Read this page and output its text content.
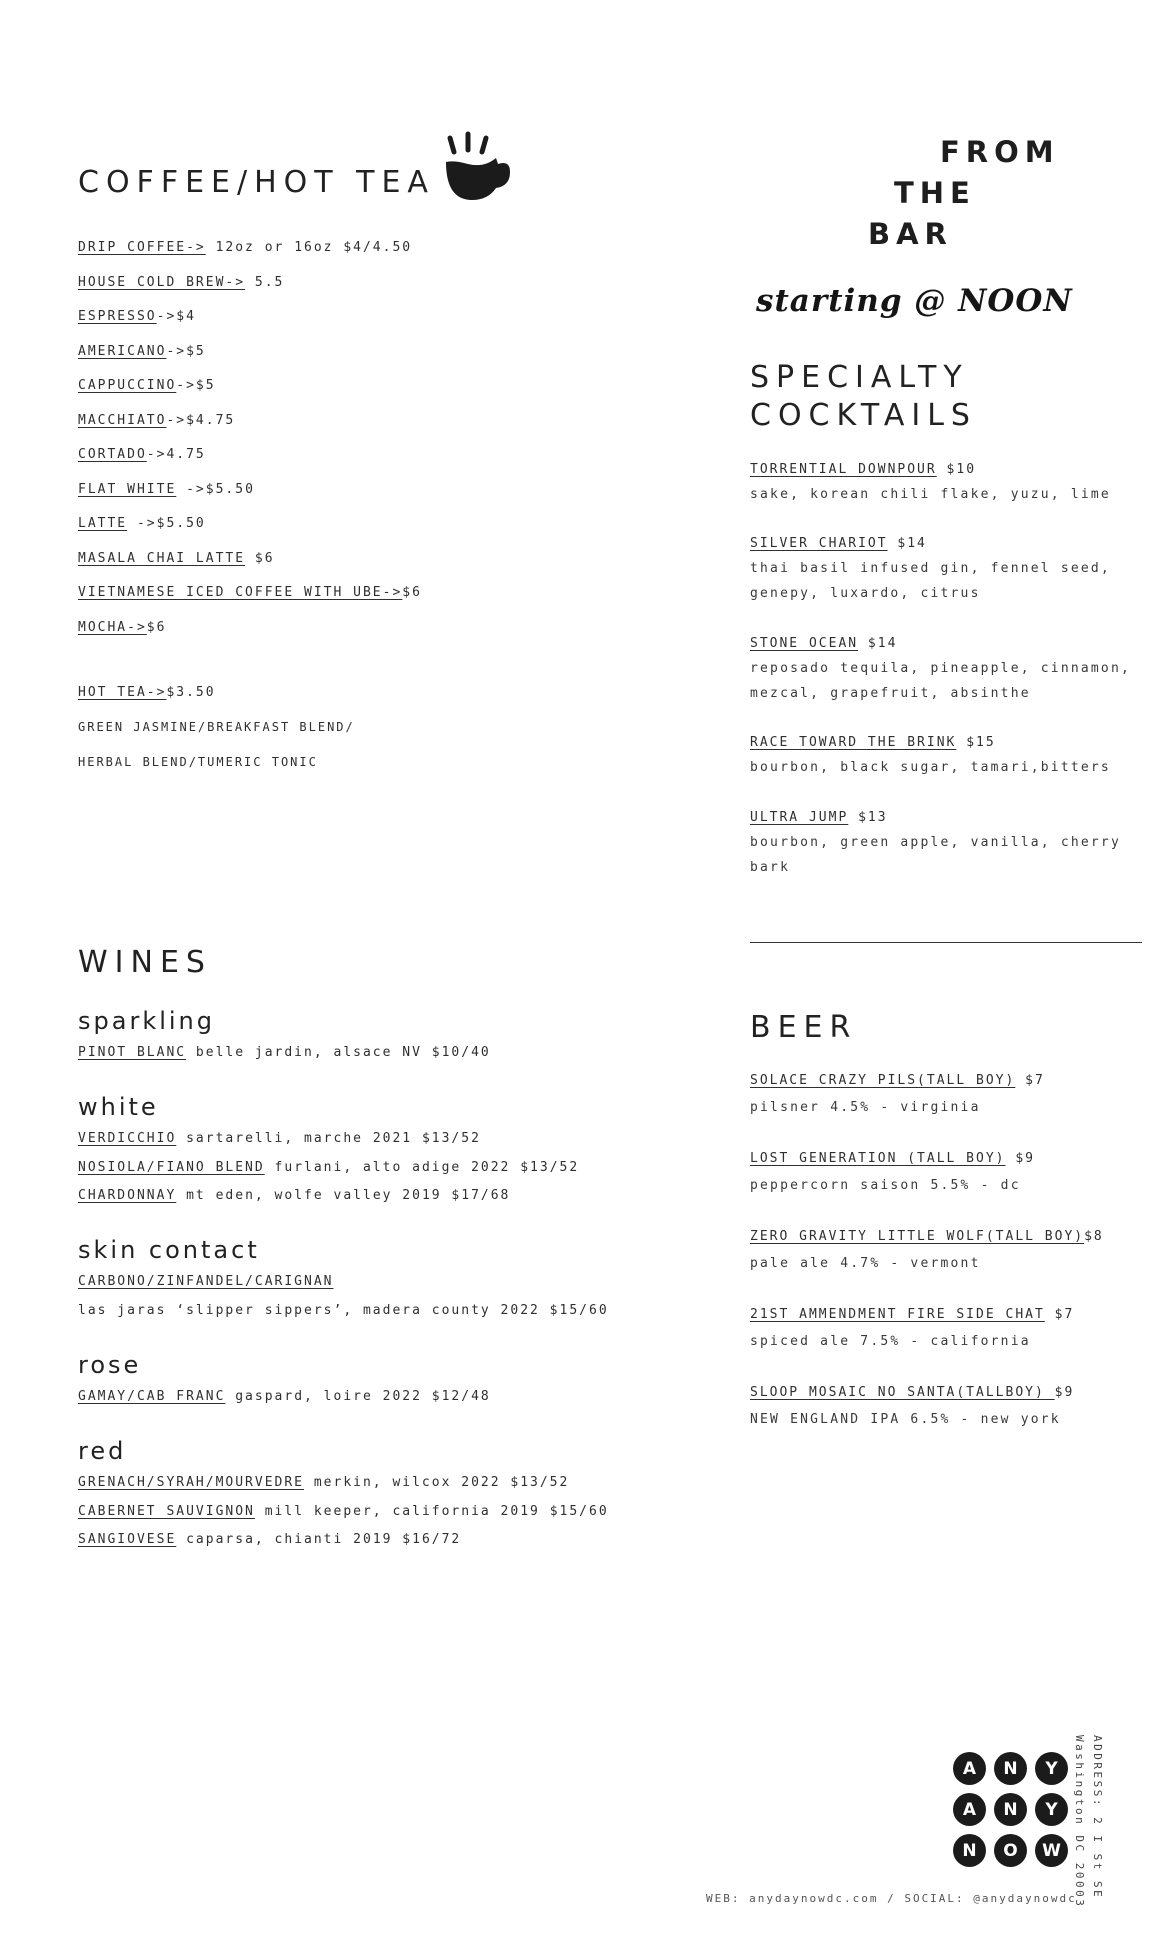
COFFEE/HOT TEA
DRIP COFFEE-> 12oz or 16oz $4/4.50
HOUSE COLD BREW-> 5.5
ESPRESSO->$4
AMERICANO->$5
CAPPUCCINO->$5
MACCHIATO->$4.75
CORTADO->4.75
FLAT WHITE ->$5.50
LATTE ->$5.50
MASALA CHAI LATTE $6
VIETNAMESE ICED COFFEE WITH UBE->$6
MOCHA->$6
HOT TEA->$3.50
GREEN JASMINE/BREAKFAST BLEND/
HERBAL BLEND/TUMERIC TONIC
FROM
THE
BAR
starting @ NOON
SPECIALTY
COCKTAILS
TORRENTIAL DOWNPOUR $10
sake, korean chili flake, yuzu, lime
SILVER CHARIOT $14
thai basil infused gin, fennel seed,
genepy, luxardo, citrus
STONE OCEAN $14
reposado tequila, pineapple, cinnamon,
mezcal, grapefruit, absinthe
RACE TOWARD THE BRINK $15
bourbon, black sugar, tamari,bitters
ULTRA JUMP $13
bourbon, green apple, vanilla, cherry
bark
WINES
sparkling
PINOT BLANC belle jardin, alsace NV $10/40
white
VERDICCHIO sartarelli, marche 2021 $13/52
NOSIOLA/FIANO BLEND furlani, alto adige 2022 $13/52
CHARDONNAY mt eden, wolfe valley 2019 $17/68
skin contact
CARBONO/ZINFANDEL/CARIGNAN
las jaras ‘slipper sippers’, madera county 2022 $15/60
rose
GAMAY/CAB FRANC gaspard, loire 2022 $12/48
red
GRENACH/SYRAH/MOURVEDRE merkin, wilcox 2022 $13/52
CABERNET SAUVIGNON mill keeper, california 2019 $15/60
SANGIOVESE caparsa, chianti 2019 $16/72
BEER
SOLACE CRAZY PILS(TALL BOY) $7
pilsner 4.5% - virginia
LOST GENERATION (TALL BOY) $9
peppercorn saison 5.5% - dc
ZERO GRAVITY LITTLE WOLF(TALL BOY)$8
pale ale 4.7% - vermont
21ST AMMENDMENT FIRE SIDE CHAT $7
spiced ale 7.5% - california
SLOOP MOSAIC NO SANTA(TALLBOY) $9
NEW ENGLAND IPA 6.5% - new york
A	N	Y
A	N	Y
N	O	W	ADDRESS: 2 I St SE
Washington DC 20003
WEB: anydaynowdc.com / SOCIAL: @anydaynowdc
